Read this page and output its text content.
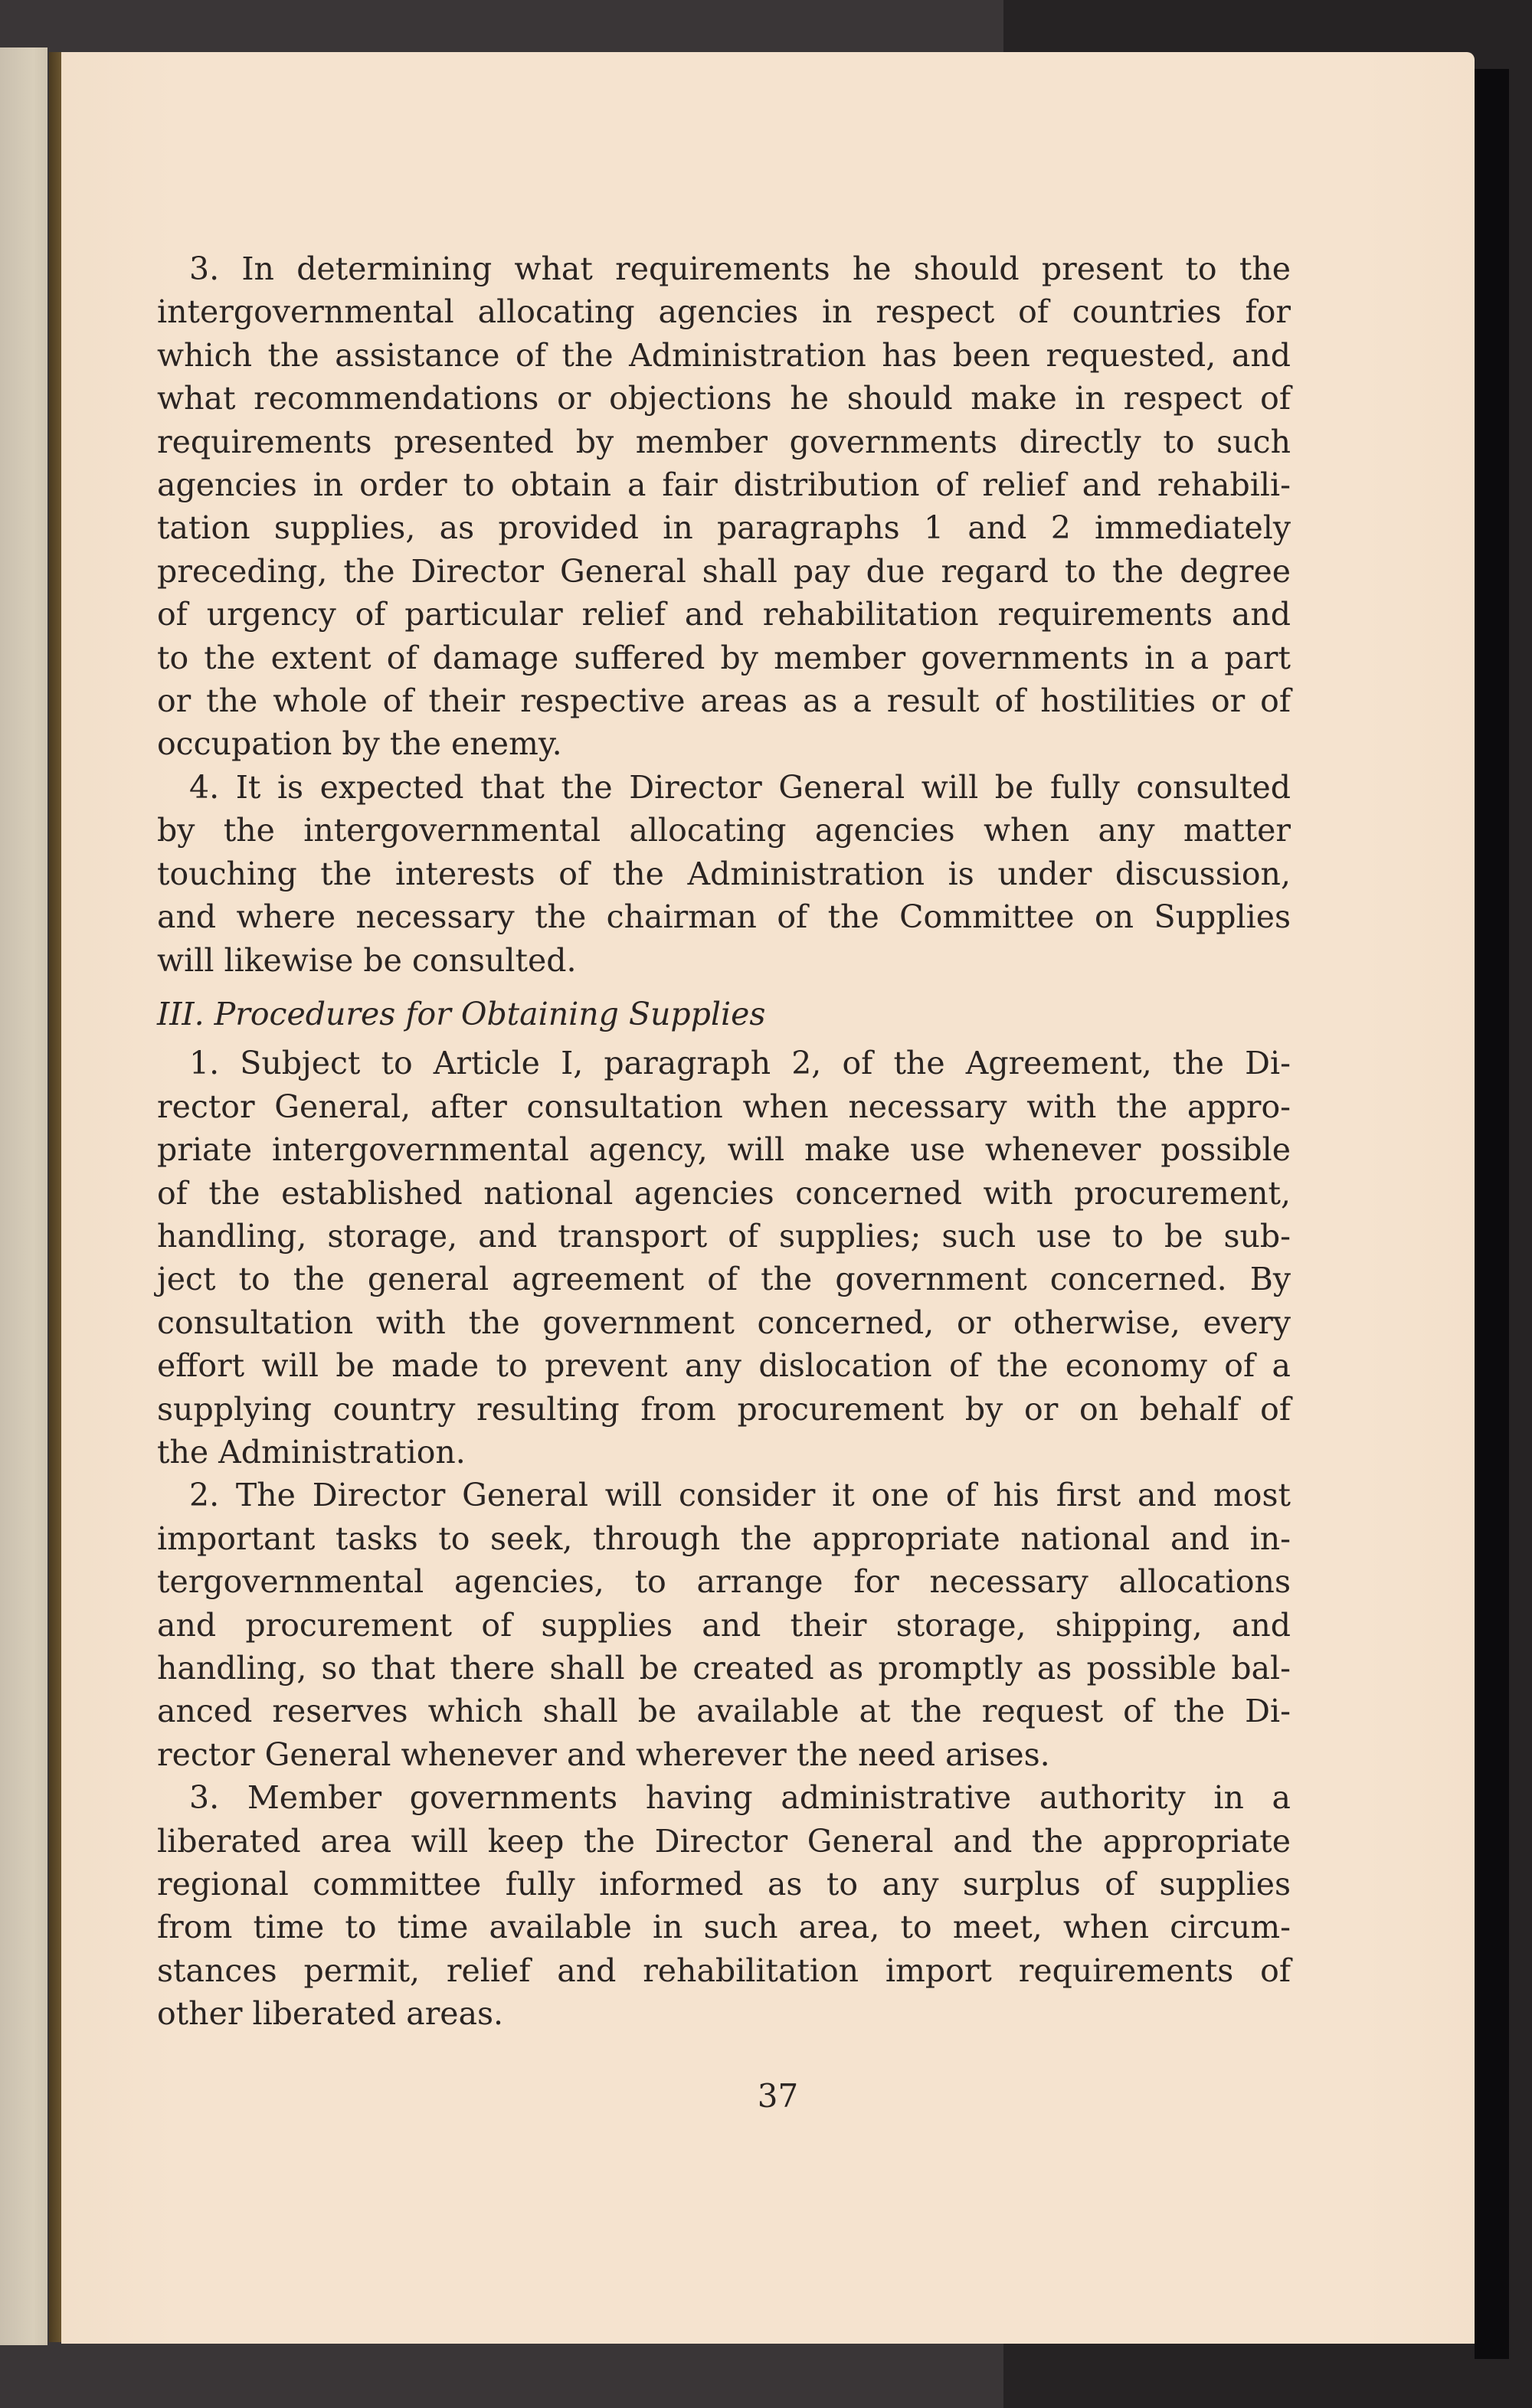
3. In determining what requirements he should present to the
intergovernmental allocating agencies in respect of countries for
which the assistance of the Administration has been requested, and
what recommendations or objections he should make in respect of
requirements presented by member governments directly to such
agencies in order to obtain a fair distribution of relief and rehabili-
tation supplies, as provided in paragraphs 1 and 2 immediately
preceding, the Director General shall pay due regard to the degree
of urgency of particular relief and rehabilitation requirements and
to the extent of damage suffered by member governments in a part
or the whole of their respective areas as a result of hostilities or of
occupation by the enemy.

4. It is expected that the Director General will be fully consulted
by the intergovernmental allocating agencies when any matter
touching the interests of the Administration is under discussion,
and where necessary the chairman of the Committee on Supplies
will likewise be consulted.

III. Procedures for Obtaining Supplies

1. Subject to Article I, paragraph 2, of the Agreement, the Di-
rector General, after consultation when necessary with the appro-
priate intergovernmental agency, will make use whenever possible
of the established national agencies concerned with procurement,
handling, storage, and transport of supplies; such use to be sub-
ject to the general agreement of the government concerned. By
consultation with the government concerned, or otherwise, every
effort will be made to prevent any dislocation of the economy of a
supplying country resulting from procurement by or on behalf of
the Administration.

2. The Director General will consider it one of his first and most
important tasks to seek, through the appropriate national and in-
tergovernmental agencies, to arrange for necessary allocations
and procurement of supplies and their storage, shipping, and
handling, so that there shall be created as promptly as possible bal-
anced reserves which shall be available at the request of the Di-
rector General whenever and wherever the need arises.

3. Member governments having administrative authority in a
liberated area will keep the Director General and the appropriate
regional committee fully informed as to any surplus of supplies
from time to time available in such area, to meet, when circum-
stances permit, relief and rehabilitation import requirements of
other liberated areas.

37
